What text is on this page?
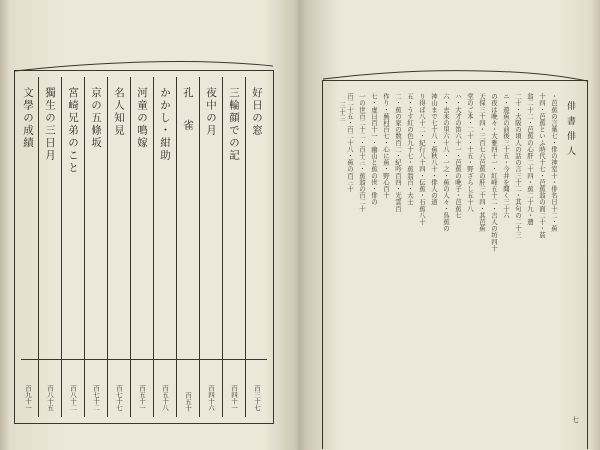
好日の窓
百三十七
三輪顔での記
百四十一
夜中の月
百四十六
孔雀
百五十
かかし・紺助
百五十八
河童の鳴嫁
百五十一
名人知見
百七十七
京の五條坂
百七十二
宮崎兄弟のこと
百八十二
獨生の三日月
百八十五
文學の成績
百九十一
俳書俳人
・芭蕉の言葉七・俳の神室十・俳名日十二・蕉
十四・芭蕉といふ時代十七・芭蕉翁の面二十・貧
翁二十二・芭蕉の心肝二十四・蕉二十九・遺
二十・大阪の頃人の話の言三十二・其句の二十三
ニ・遊蕉の前後三十五・今井を聞く三十六
の夜は晩々・大雅四十一・紅峰五十二・吉人の坊四十
天保三十四・三百七六芭蕉の肝三十四・其芭蕉
堂のご本・二十・十五・野ざらし五十八
ハ・大才の笛六十一・芭蕉の晩子・芭蕉七
六・去来の里六十八・一之・蕉の人々・呉蕉の
神山まで七十八・蕉秋八十・俳人の道
り得ば八十二・紀行八十四・伝蕉・石蕉八十
五・うす紅の色九十七・蕉翁百・大士
二・蕉の家の数百二・紀吟百四・光雲百
作り・蕪村百七・心に蕉・野心百十
七・虚日百十一・幽山と蕉の世・俳の
一の世百二十二・百十三・蕉翁の百二十
百二十五・百二十八・蕉の百三十
七
三十三
